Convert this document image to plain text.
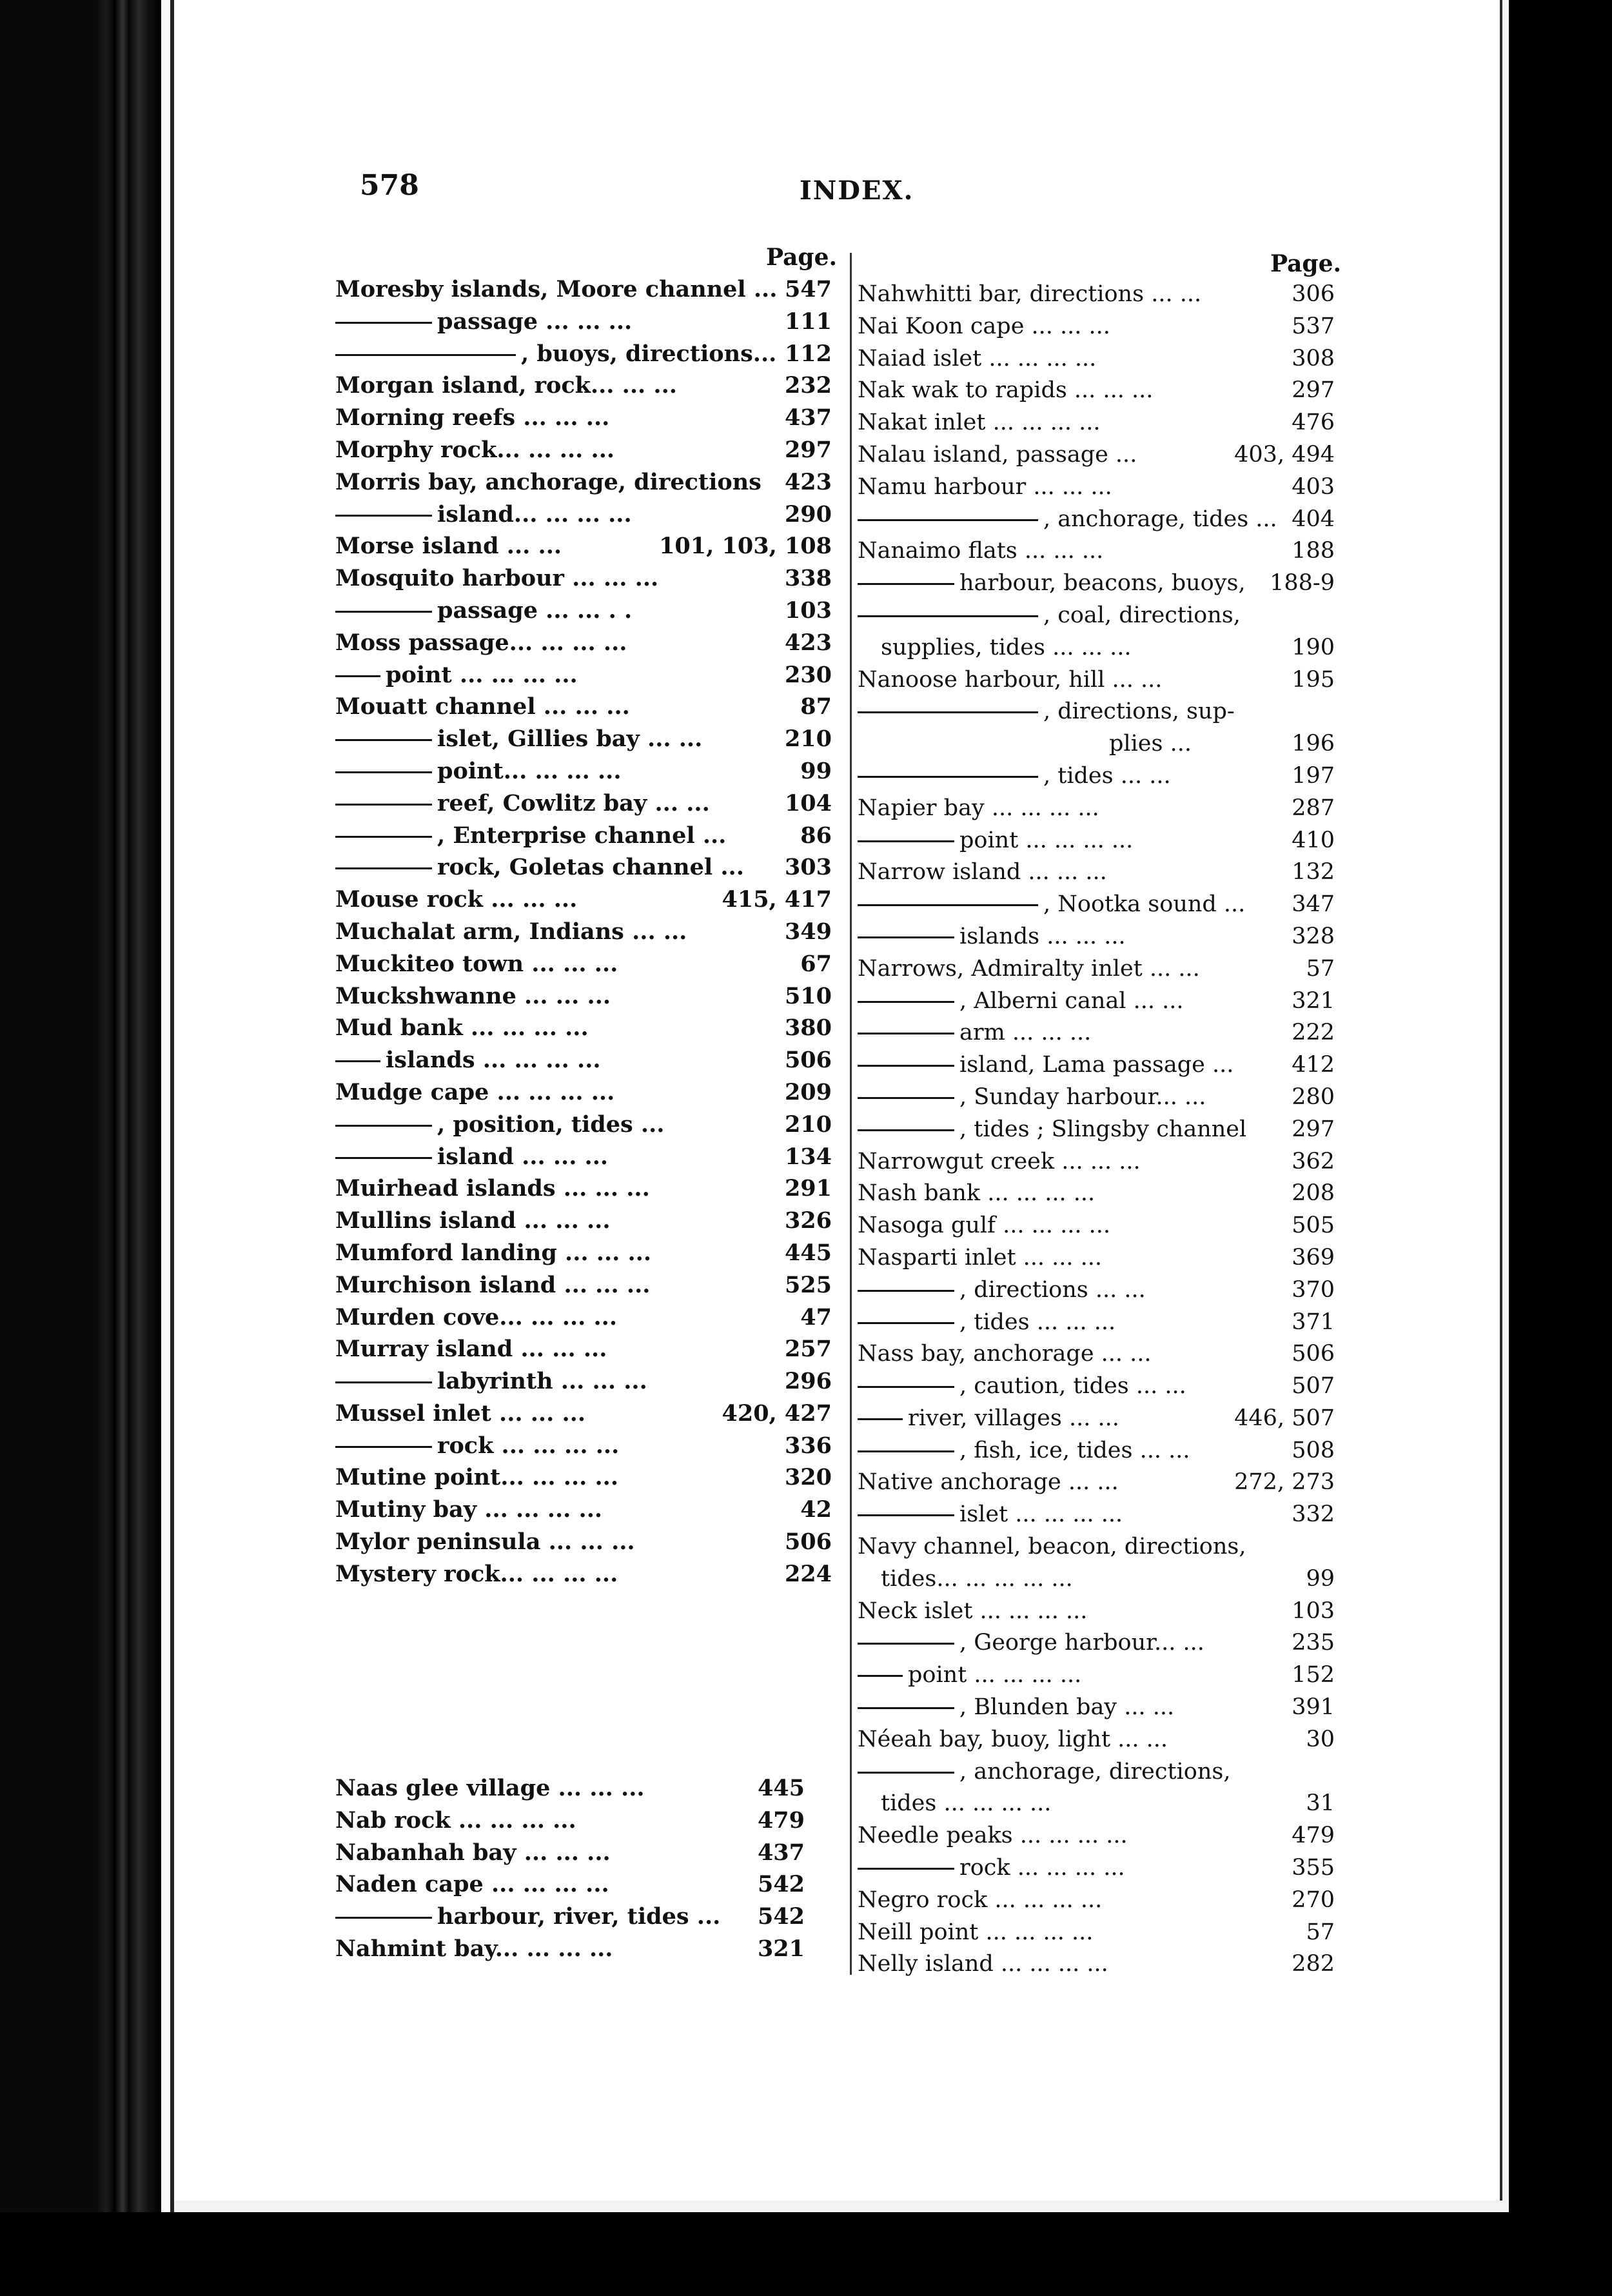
578	INDEX.
Page.	Page.
Moresby islands, Moore channel ... 547
passage ... ... ...	111
, buoys, directions... 112
Morgan island, rock... ... ...	232
Morning reefs ... ... ...	437
Morphy rock... ... ... ...	297
Morris bay, anchorage, directions 423
island... ... ... ...	290
Morse island ... ...	101, 103, 108
Mosquito harbour ... ... ...	338
passage ... ... . .	103
Moss passage... ... ... ...	423
point ... ... ... ...	230
Mouatt channel ... ... ...	87
islet, Gillies bay ... ...	210
point... ... ... ...	99
reef, Cowlitz bay ... ...	104
, Enterprise channel ...	86
rock, Goletas channel ... 303
Mouse rock ... ... ...	415, 417
Muchalat arm, Indians ... ...	349
Muckiteo town ... ... ...	67
Muckshwanne ... ... ...	510
Mud bank ... ... ... ...	380
islands ... ... ... ...	506
Mudge cape ... ... ... ...	209
, position, tides ...	210
island ... ... ...	134
Muirhead islands ... ... ...	291
Mullins island ... ... ...	326
Mumford landing ... ... ...	445
Murchison island ... ... ...	525
Murden cove... ... ... ...	47
Murray island ... ... ...	257
labyrinth ... ... ...	296
Mussel inlet ... ... ...	420, 427
rock ... ... ... ...	336
Mutine point... ... ... ...	320
Mutiny bay ... ... ... ...	42
Mylor peninsula ... ... ...	506
Mystery rock... ... ... ...	224
Naas glee village ... ... ...	445
Nab rock ... ... ... ...	479
Nabanhah bay ... ... ...	437
Naden cape ... ... ... ...	542
harbour, river, tides ... 542
Nahmint bay... ... ... ...	321
Nahwhitti bar, directions ... ...	306
Nai Koon cape ... ... ...	537
Naiad islet ... ... ... ...	308
Nak wak to rapids ... ... ...	297
Nakat inlet ... ... ... ...	476
Nalau island, passage ...	403, 494
Namu harbour ... ... ...	403
, anchorage, tides ... 404
Nanaimo flats ... ... ...	188
harbour, beacons, buoys, 188-9
, coal, directions,
supplies, tides ... ... ...	190
Nanoose harbour, hill ... ...	195
, directions, sup-
plies ...	196
, tides ... ...	197
Napier bay ... ... ... ...	287
point ... ... ... ...	410
Narrow island ... ... ...	132
, Nootka sound ... 347
islands ... ... ...	328
Narrows, Admiralty inlet ... ...	57
, Alberni canal ... ...	321
arm ... ... ...	222
island, Lama passage ...	412
, Sunday harbour... ...	280
, tides ; Slingsby channel 297
Narrowgut creek ... ... ...	362
Nash bank ... ... ... ...	208
Nasoga gulf ... ... ... ...	505
Nasparti inlet ... ... ...	369
, directions ... ...	370
, tides ... ... ...	371
Nass bay, anchorage ... ...	506
, caution, tides ... ...	507
river, villages ... ...	446, 507
, fish, ice, tides ... ...	508
Native anchorage ... ...	272, 273
islet ... ... ... ...	332
Navy channel, beacon, directions,
tides... ... ... ... ...	99
Neck islet ... ... ... ...	103
, George harbour... ...	235
point ... ... ... ...	152
, Blunden bay ... ...	391
Néeah bay, buoy, light ... ...	30
, anchorage, directions,
tides ... ... ... ...	31
Needle peaks ... ... ... ...	479
rock ... ... ... ...	355
Negro rock ... ... ... ...	270
Neill point ... ... ... ...	57
Nelly island ... ... ... ...	282
